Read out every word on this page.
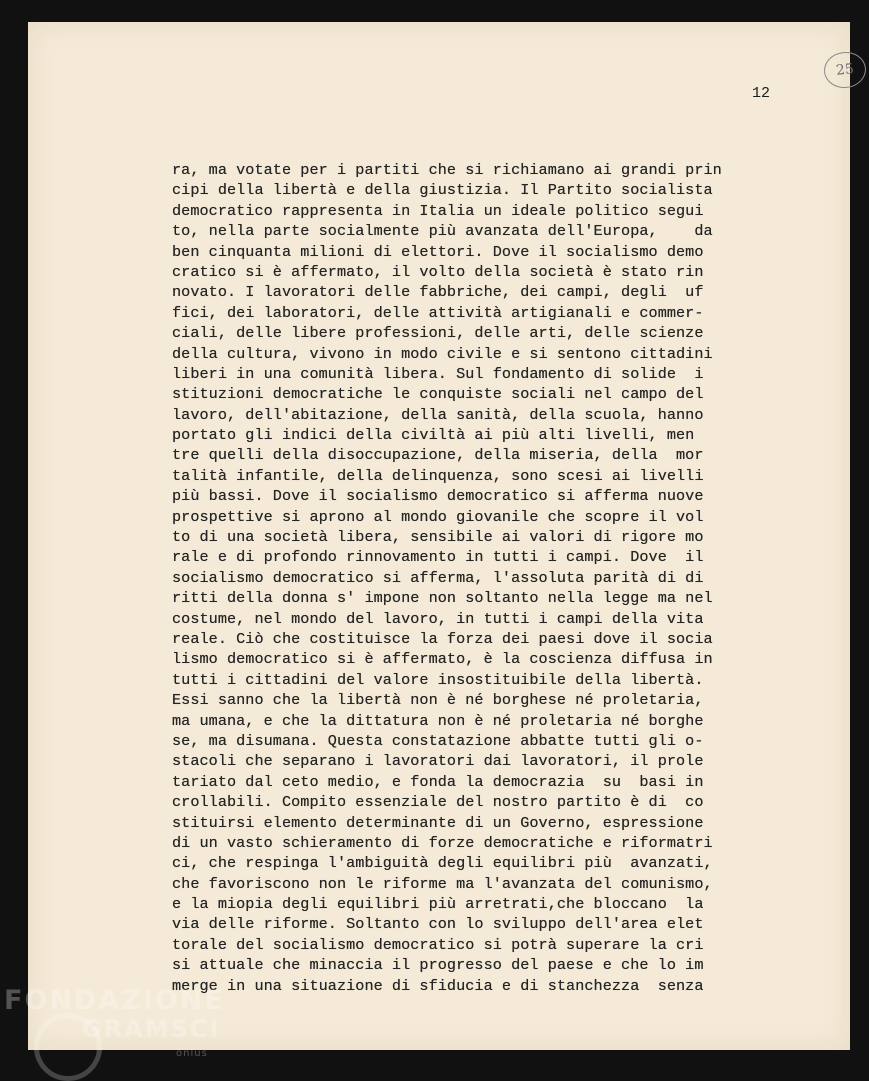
25
12
ra, ma votate per i partiti che si richiamano ai grandi prin
cipi della libertà e della giustizia. Il Partito socialista
democratico rappresenta in Italia un ideale politico segui
to, nella parte socialmente più avanzata dell'Europa,    da
ben cinquanta milioni di elettori. Dove il socialismo demo
cratico si è affermato, il volto della società è stato rin
novato. I lavoratori delle fabbriche, dei campi, degli  uf
fici, dei laboratori, delle attività artigianali e commer-
ciali, delle libere professioni, delle arti, delle scienze
della cultura, vivono in modo civile e si sentono cittadini
liberi in una comunità libera. Sul fondamento di solide  i
stituzioni democratiche le conquiste sociali nel campo del
lavoro, dell'abitazione, della sanità, della scuola, hanno
portato gli indici della civiltà ai più alti livelli, men
tre quelli della disoccupazione, della miseria, della  mor
talità infantile, della delinquenza, sono scesi ai livelli
più bassi. Dove il socialismo democratico si afferma nuove
prospettive si aprono al mondo giovanile che scopre il vol
to di una società libera, sensibile ai valori di rigore mo
rale e di profondo rinnovamento in tutti i campi. Dove  il
socialismo democratico si afferma, l'assoluta parità di di
ritti della donna s' impone non soltanto nella legge ma nel
costume, nel mondo del lavoro, in tutti i campi della vita
reale. Ciò che costituisce la forza dei paesi dove il socia
lismo democratico si è affermato, è la coscienza diffusa in
tutti i cittadini del valore insostituibile della libertà.
Essi sanno che la libertà non è né borghese né proletaria,
ma umana, e che la dittatura non è né proletaria né borghe
se, ma disumana. Questa constatazione abbatte tutti gli o-
stacoli che separano i lavoratori dai lavoratori, il prole
tariato dal ceto medio, e fonda la democrazia  su  basi in
crollabili. Compito essenziale del nostro partito è di  co
stituirsi elemento determinante di un Governo, espressione
di un vasto schieramento di forze democratiche e riformatri
ci, che respinga l'ambiguità degli equilibri più  avanzati,
che favoriscono non le riforme ma l'avanzata del comunismo,
e la miopia degli equilibri più arretrati,che bloccano  la
via delle riforme. Soltanto con lo sviluppo dell'area elet
torale del socialismo democratico si potrà superare la cri
si attuale che minaccia il progresso del paese e che lo im
merge in una situazione di sfiducia e di stanchezza  senza
FONDAZIONE
GRAMSCI
onlus
